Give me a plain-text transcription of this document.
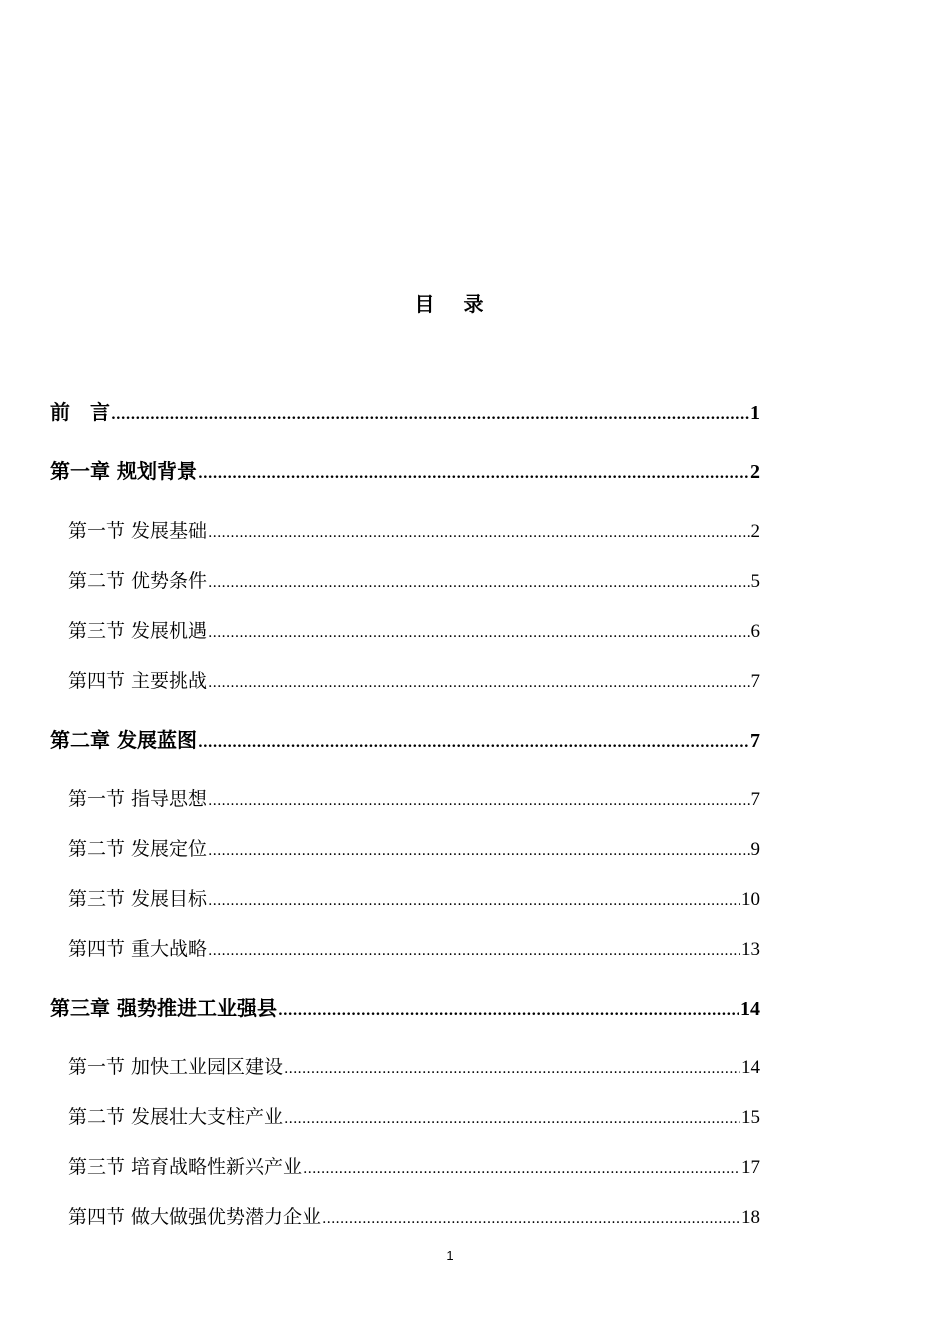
目 录
前　言 .....	1
第一章 规划背景 .....	2
第一节 发展基础 .....	2
第二节 优势条件 .....	5
第三节 发展机遇 .....	6
第四节 主要挑战 .....	7
第二章 发展蓝图 .....	7
第一节 指导思想 .....	7
第二节 发展定位 .....	9
第三节 发展目标 .....	10
第四节 重大战略 .....	13
第三章 强势推进工业强县 .....	14
第一节 加快工业园区建设 .....	14
第二节 发展壮大支柱产业 .....	15
第三节 培育战略性新兴产业 .....	17
第四节 做大做强优势潜力企业 .....	18
1
